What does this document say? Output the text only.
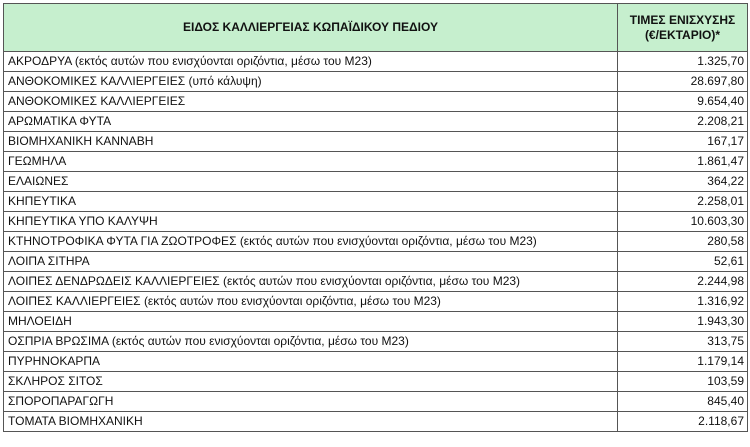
ΕΙΔΟΣ ΚΑΛΛΙΕΡΓΕΙΑΣ ΚΩΠΑΪΔΙΚΟΥ ΠΕΔΙΟΥ	ΤΙΜΕΣ ΕΝΙΣΧΥΣΗΣ
(€/ΕΚΤΑΡΙΟ)*

ΑΚΡΟΔΡΥΑ (εκτός αυτών που ενισχύονται οριζόντια, μέσω του Μ23)	1.325,70
ΑΝΘΟΚΟΜΙΚΕΣ ΚΑΛΛΙΕΡΓΕΙΕΣ (υπό κάλυψη)	28.697,80
ΑΝΘΟΚΟΜΙΚΕΣ ΚΑΛΛΙΕΡΓΕΙΕΣ	9.654,40
ΑΡΩΜΑΤΙΚΑ ΦΥΤΑ	2.208,21
ΒΙΟΜΗΧΑΝΙΚΗ ΚΑΝΝΑΒΗ	167,17
ΓΕΩΜΗΛΑ	1.861,47
ΕΛΑΙΩΝΕΣ	364,22
ΚΗΠΕΥΤΙΚΑ	2.258,01
ΚΗΠΕΥΤΙΚΑ ΥΠΟ ΚΑΛΥΨΗ	10.603,30
ΚΤΗΝΟΤΡΟΦΙΚΑ ΦΥΤΑ ΓΙΑ ΖΩΟΤΡΟΦΕΣ (εκτός αυτών που ενισχύονται οριζόντια, μέσω του Μ23)	280,58
ΛΟΙΠΑ ΣΙΤΗΡΑ	52,61
ΛΟΙΠΕΣ ΔΕΝΔΡΩΔΕΙΣ ΚΑΛΛΙΕΡΓΕΙΕΣ (εκτός αυτών που ενισχύονται οριζόντια, μέσω του Μ23)	2.244,98
ΛΟΙΠΕΣ ΚΑΛΛΙΕΡΓΕΙΕΣ (εκτός αυτών που ενισχύονται οριζόντια, μέσω του Μ23)	1.316,92
ΜΗΛΟΕΙΔΗ	1.943,30
ΟΣΠΡΙΑ ΒΡΩΣΙΜΑ (εκτός αυτών που ενισχύονται οριζόντια, μέσω του Μ23)	313,75
ΠΥΡΗΝΟΚΑΡΠΑ	1.179,14
ΣΚΛΗΡΟΣ ΣΙΤΟΣ	103,59
ΣΠΟΡΟΠΑΡΑΓΩΓΗ	845,40
ΤΟΜΑΤΑ ΒΙΟΜΗΧΑΝΙΚΗ	2.118,67
